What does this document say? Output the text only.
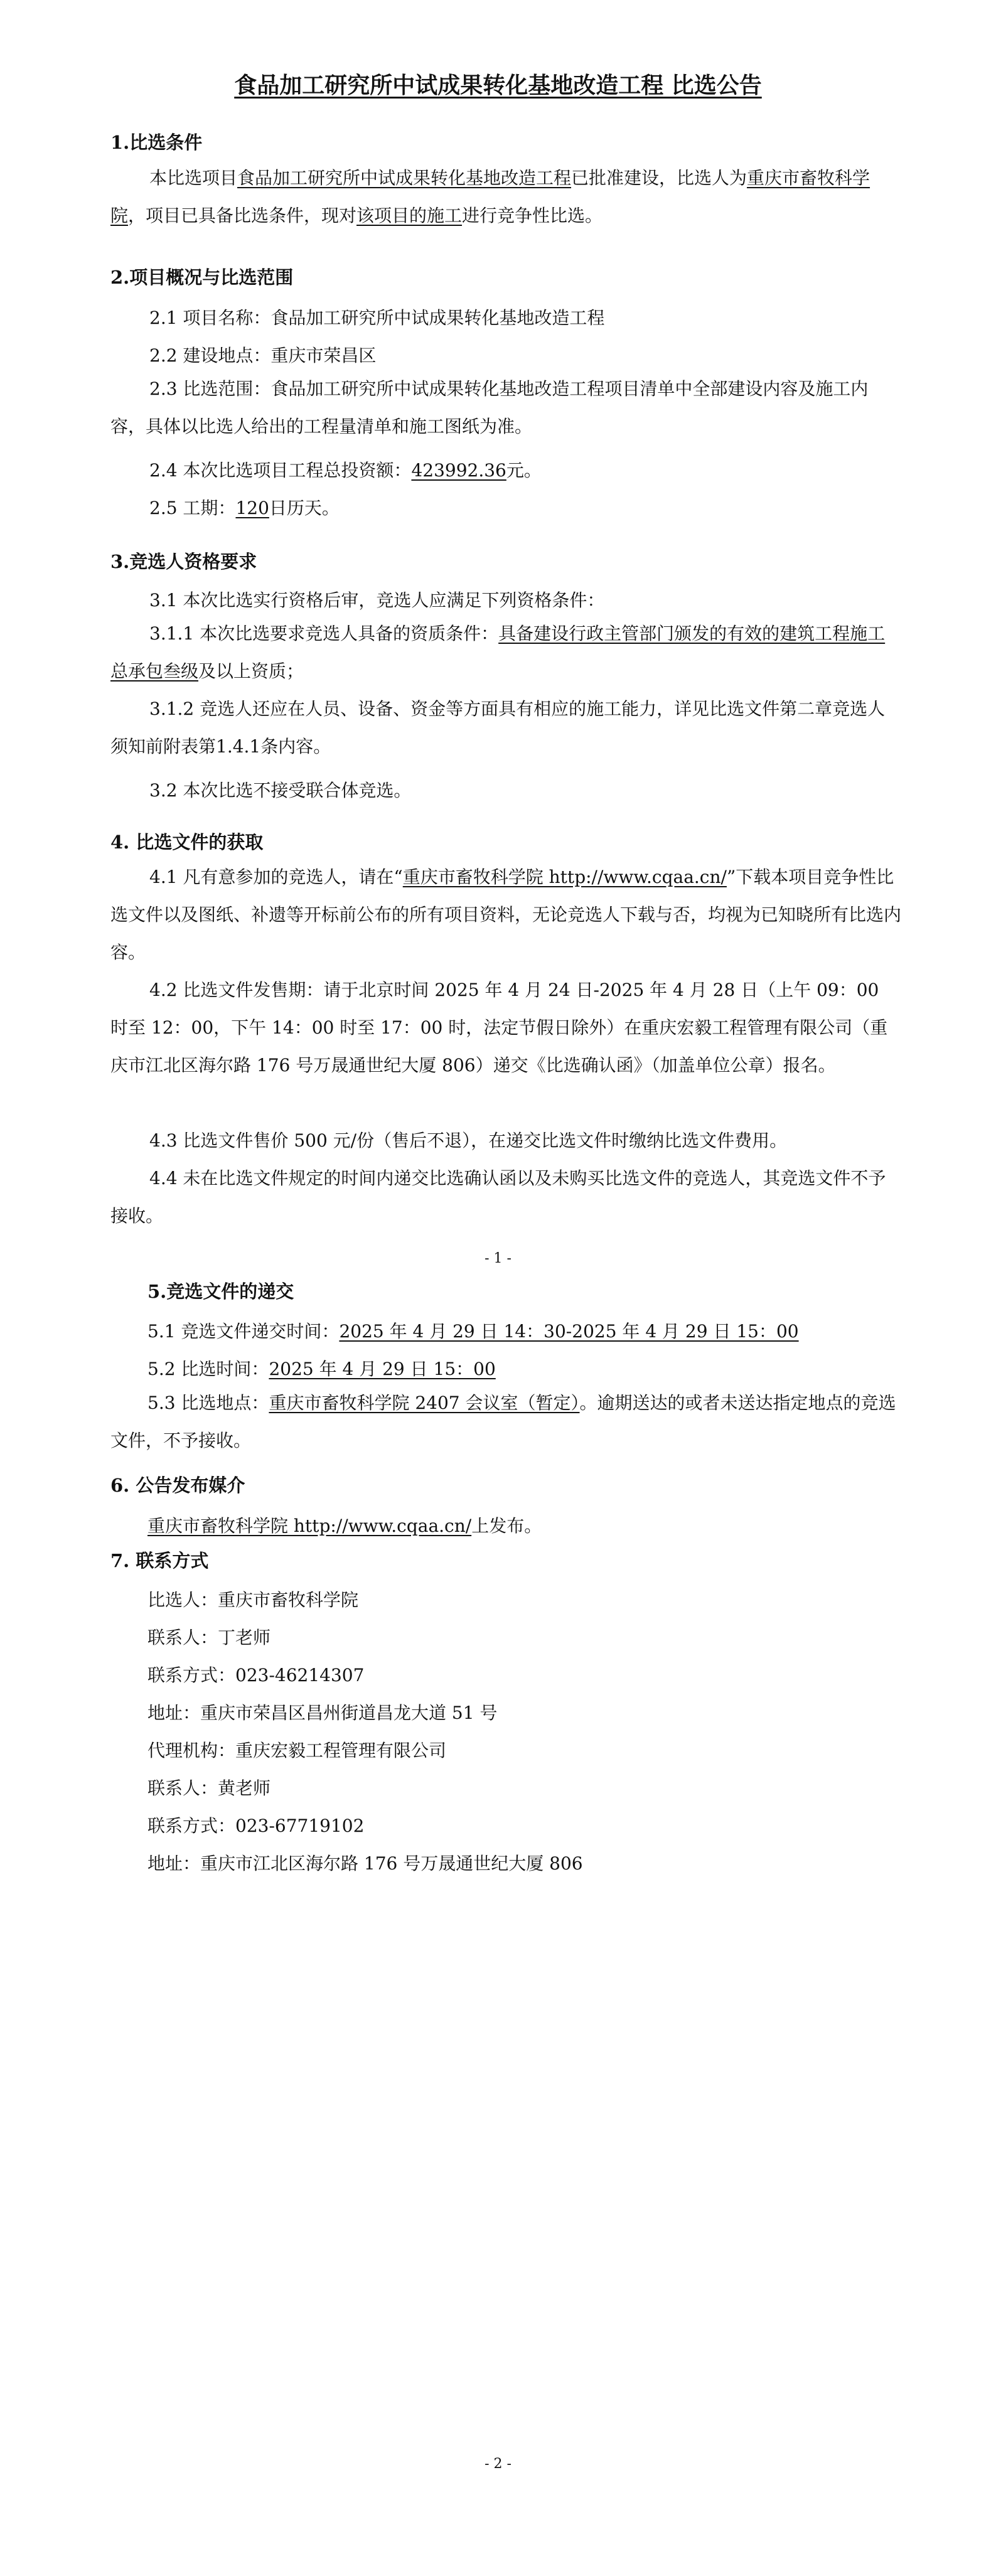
食品加工研究所中试成果转化基地改造工程 比选公告
1.比选条件
本比选项目食品加工研究所中试成果转化基地改造工程已批准建设，比选人为重庆市畜牧科学院，项目已具备比选条件，现对该项目的施工进行竞争性比选。
2.项目概况与比选范围
2.1 项目名称：食品加工研究所中试成果转化基地改造工程
2.2 建设地点：重庆市荣昌区
2.3 比选范围：食品加工研究所中试成果转化基地改造工程项目清单中全部建设内容及施工内容，具体以比选人给出的工程量清单和施工图纸为准。
2.4 本次比选项目工程总投资额：423992.36元。
2.5 工期：120日历天。
3.竞选人资格要求
3.1 本次比选实行资格后审，竞选人应满足下列资格条件：
3.1.1 本次比选要求竞选人具备的资质条件：具备建设行政主管部门颁发的有效的建筑工程施工总承包叁级及以上资质；
3.1.2 竞选人还应在人员、设备、资金等方面具有相应的施工能力，详见比选文件第二章竞选人须知前附表第1.4.1条内容。
3.2 本次比选不接受联合体竞选。
4. 比选文件的获取
4.1 凡有意参加的竞选人，请在“重庆市畜牧科学院 http://www.cqaa.cn/”下载本项目竞争性比选文件以及图纸、补遗等开标前公布的所有项目资料，无论竞选人下载与否，均视为已知晓所有比选内容。
4.2 比选文件发售期：请于北京时间 2025 年 4 月 24 日-2025 年 4 月 28 日（上午 09：00 时至 12：00，下午 14：00 时至 17：00 时，法定节假日除外）在重庆宏毅工程管理有限公司（重庆市江北区海尔路 176 号万晟通世纪大厦 806）递交《比选确认函》（加盖单位公章）报名。
4.3 比选文件售价 500 元/份（售后不退），在递交比选文件时缴纳比选文件费用。
4.4 未在比选文件规定的时间内递交比选确认函以及未购买比选文件的竞选人，其竞选文件不予接收。
- 1 -
5.竞选文件的递交
5.1 竞选文件递交时间：2025 年 4 月 29 日 14：30-2025 年 4 月 29 日 15：00
5.2 比选时间：2025 年 4 月 29 日 15：00
5.3 比选地点：重庆市畜牧科学院 2407 会议室（暂定）。逾期送达的或者未送达指定地点的竞选文件，不予接收。
6. 公告发布媒介
重庆市畜牧科学院 http://www.cqaa.cn/上发布。
7. 联系方式
比选人：重庆市畜牧科学院
联系人：丁老师
联系方式：023-46214307
地址：重庆市荣昌区昌州街道昌龙大道 51 号
代理机构：重庆宏毅工程管理有限公司
联系人：黄老师
联系方式：023-67719102
地址：重庆市江北区海尔路 176 号万晟通世纪大厦 806
- 2 -
